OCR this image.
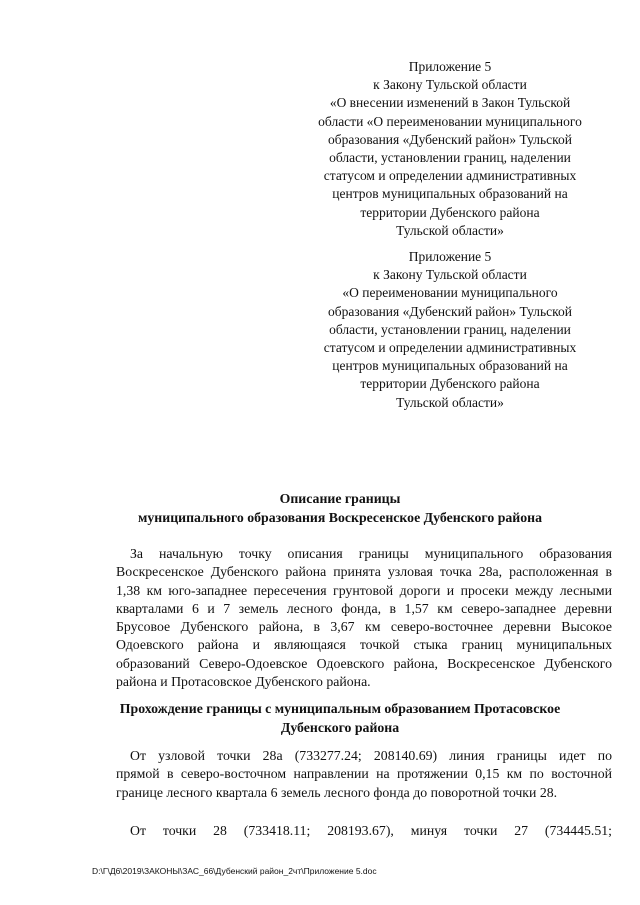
Приложение 5
к Закону Тульской области
«О внесении изменений в Закон Тульской
области «О переименовании муниципального
образования «Дубенский район» Тульской
области, установлении границ, наделении
статусом и определении административных
центров муниципальных образований на
территории Дубенского района
Тульской области»
Приложение 5
к Закону Тульской области
«О переименовании муниципального
образования «Дубенский район» Тульской
области, установлении границ, наделении
статусом и определении административных
центров муниципальных образований на
территории Дубенского района
Тульской области»
Описание границы
муниципального образования Воскресенское Дубенского района

За начальную точку описания границы муниципального образования
Воскресенское Дубенского района принята узловая точка 28а, расположенная в
1,38 км юго-западнее пересечения грунтовой дороги и просеки между лесными
кварталами 6 и 7 земель лесного фонда, в 1,57 км северо-западнее деревни
Брусовое Дубенского района, в 3,67 км северо-восточнее деревни Высокое
Одоевского района и являющаяся точкой стыка границ муниципальных
образований Северо-Одоевское Одоевского района, Воскресенское Дубенского
района и Протасовское Дубенского района.

Прохождение границы с муниципальным образованием Протасовское
Дубенского района

От узловой точки 28а (733277.24; 208140.69) линия границы идет по
прямой в северо-восточном направлении на протяжении 0,15 км по восточной
границе лесного квартала 6 земель лесного фонда до поворотной точки 28.

От точки 28 (733418.11; 208193.67), минуя точки 27 (734445.51;

D:\Г\Д6\2019\ЗАКОНЫ\ЗАС_66\Дубенский район_2чт\Приложение 5.doc
